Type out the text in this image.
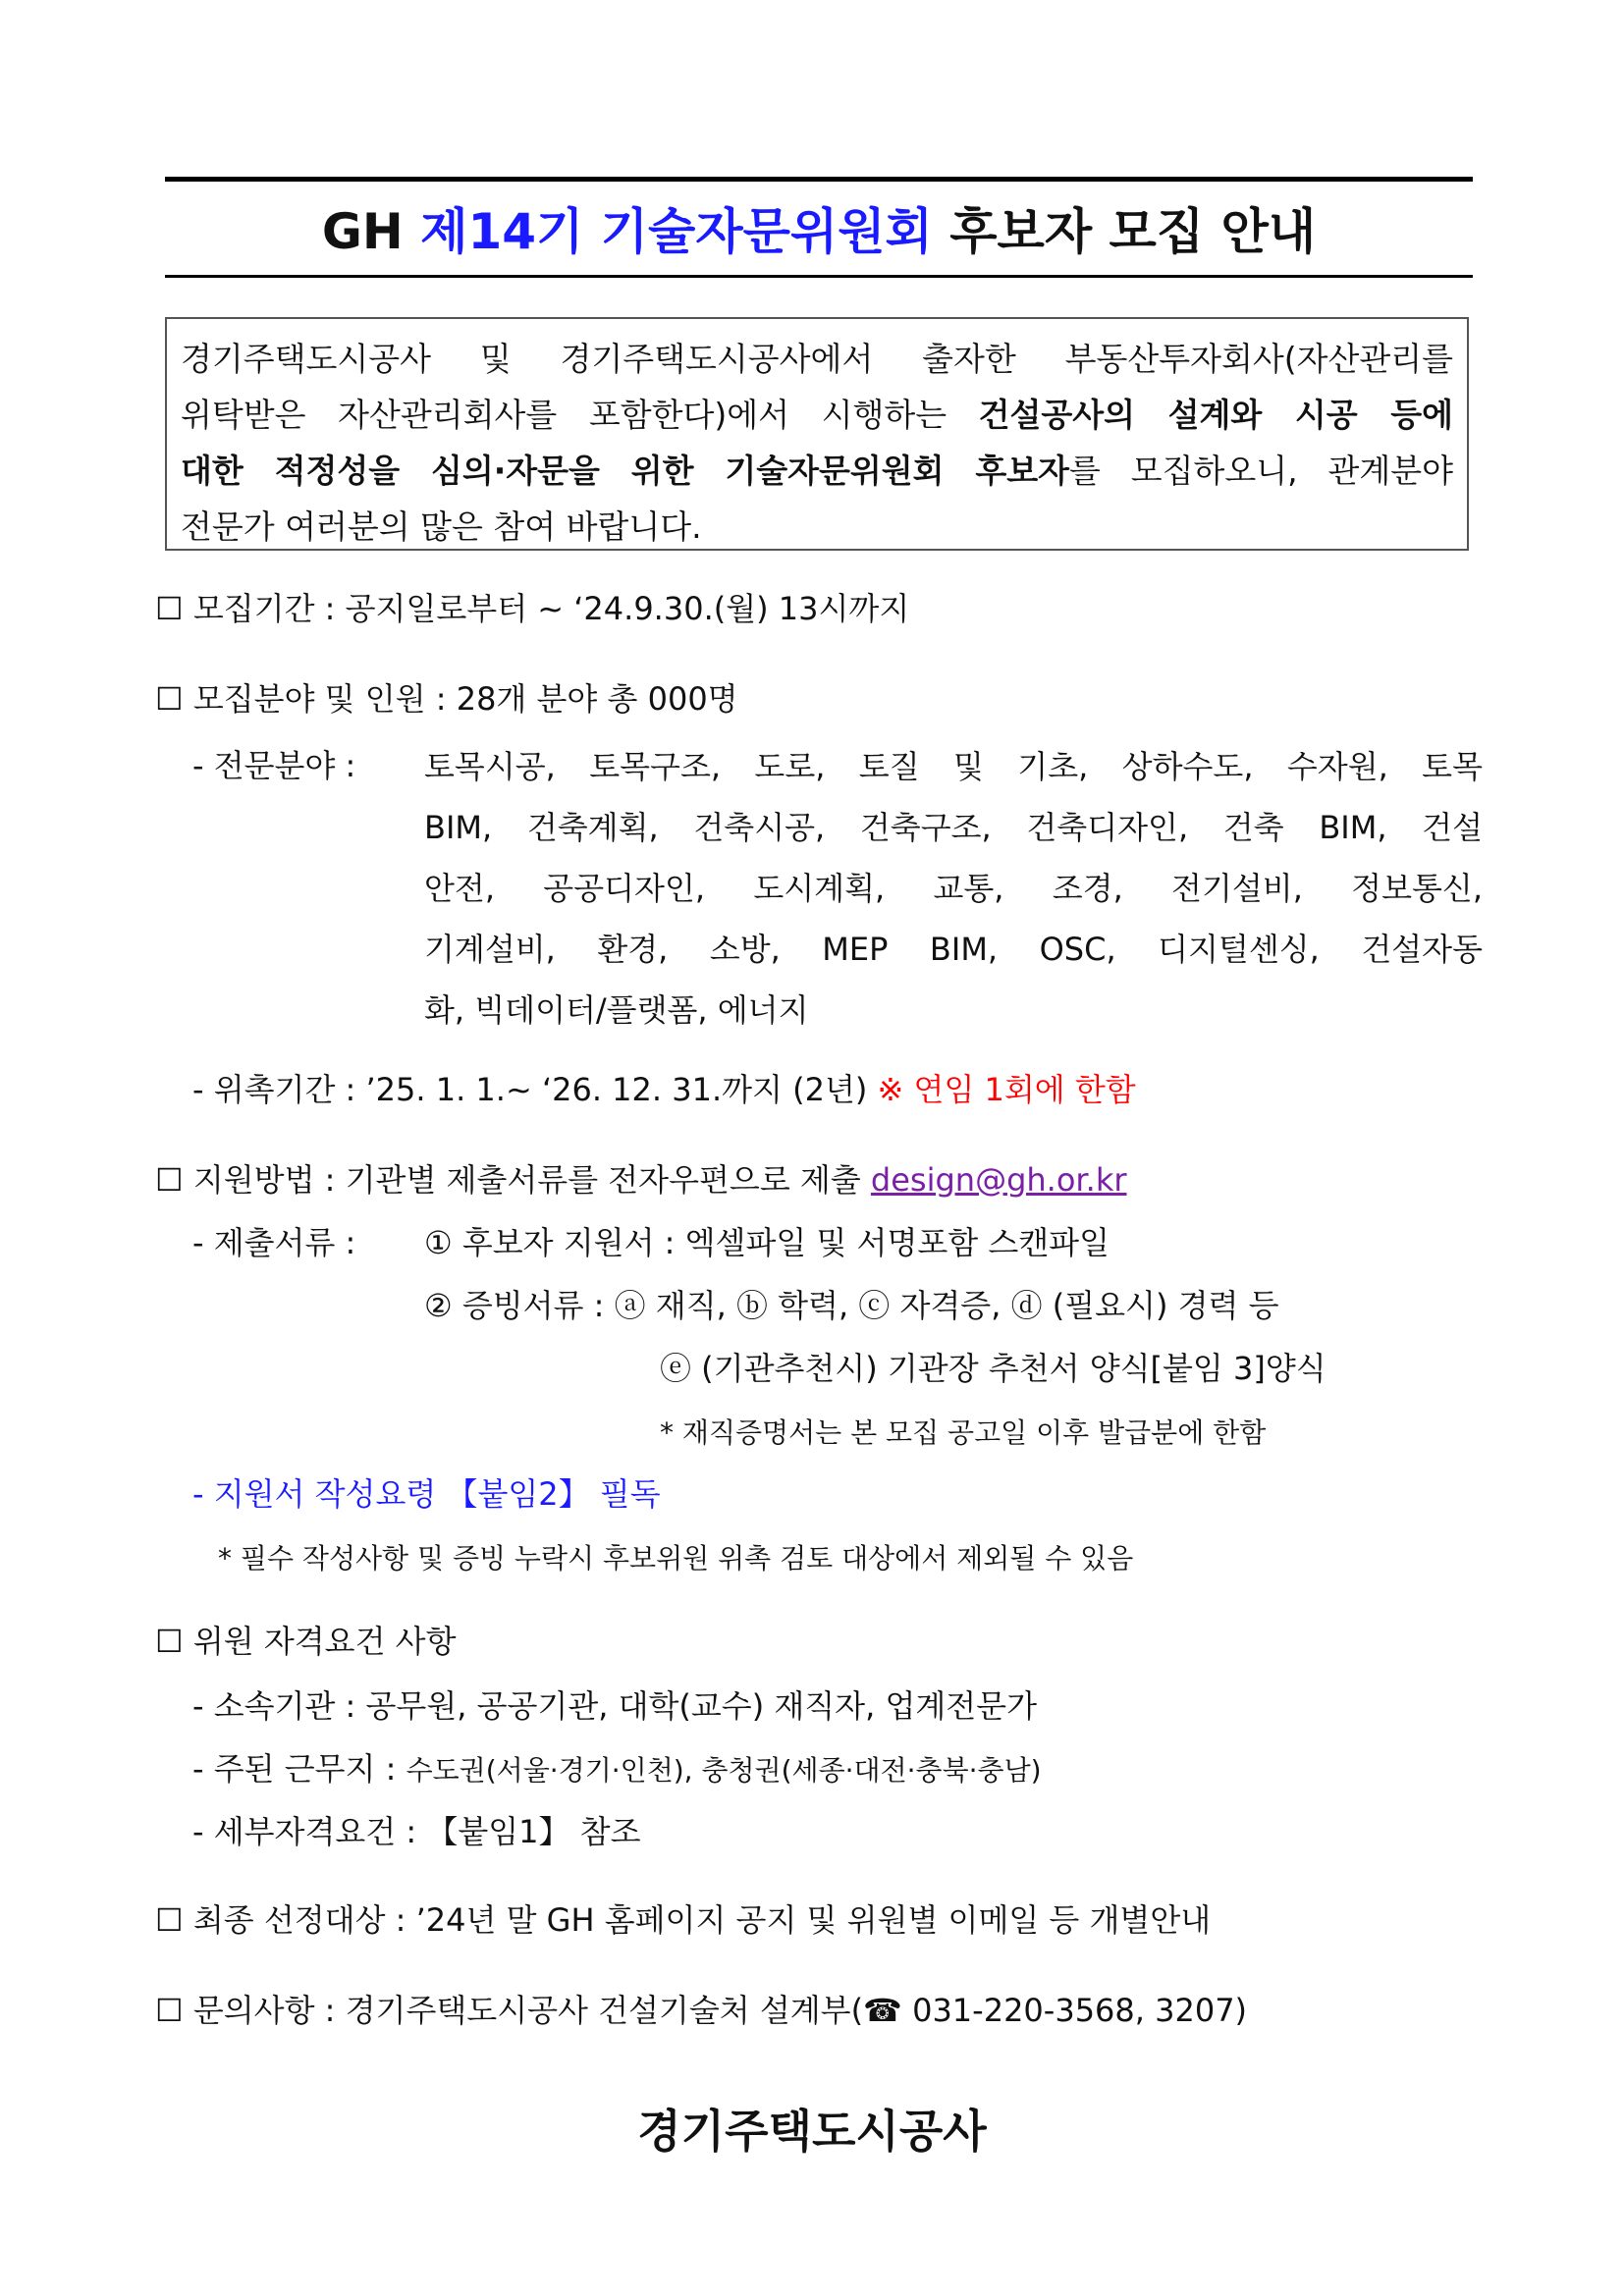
GH 제14기 기술자문위원회 후보자 모집 안내
경기주택도시공사 및 경기주택도시공사에서 출자한 부동산투자회사(자산관리를
위탁받은 자산관리회사를 포함한다)에서 시행하는 건설공사의 설계와 시공 등에
대한 적정성을 심의·자문을 위한 기술자문위원회 후보자를 모집하오니, 관계분야
전문가 여러분의 많은 참여 바랍니다.
☐ 모집기간 : 공지일로부터 ~ ‘24.9.30.(월) 13시까지
☐ 모집분야 및 인원 : 28개 분야 총 000명
- 전문분야 : 토목시공, 토목구조, 도로, 토질 및 기초, 상하수도, 수자원, 토목
BIM, 건축계획, 건축시공, 건축구조, 건축디자인, 건축 BIM, 건설
안전, 공공디자인, 도시계획, 교통, 조경, 전기설비, 정보통신,
기계설비, 환경, 소방, MEP BIM, OSC, 디지털센싱, 건설자동
화, 빅데이터/플랫폼, 에너지
- 위촉기간 : ’25. 1. 1.~ ‘26. 12. 31.까지 (2년) ※ 연임 1회에 한함
☐ 지원방법 : 기관별 제출서류를 전자우편으로 제출 design@gh.or.kr
- 제출서류 : ① 후보자 지원서 : 엑셀파일 및 서명포함 스캔파일
② 증빙서류 : ⓐ 재직, ⓑ 학력, ⓒ 자격증, ⓓ (필요시) 경력 등
ⓔ (기관추천시) 기관장 추천서 양식[붙임 3]양식
* 재직증명서는 본 모집 공고일 이후 발급분에 한함
- 지원서 작성요령 【붙임2】 필독
* 필수 작성사항 및 증빙 누락시 후보위원 위촉 검토 대상에서 제외될 수 있음
☐ 위원 자격요건 사항
- 소속기관 : 공무원, 공공기관, 대학(교수) 재직자, 업계전문가
- 주된 근무지 : 수도권(서울·경기·인천), 충청권(세종·대전·충북·충남)
- 세부자격요건 : 【붙임1】 참조
☐ 최종 선정대상 : ’24년 말 GH 홈페이지 공지 및 위원별 이메일 등 개별안내
☐ 문의사항 : 경기주택도시공사 건설기술처 설계부(☎ 031-220-3568, 3207)
경기주택도시공사
